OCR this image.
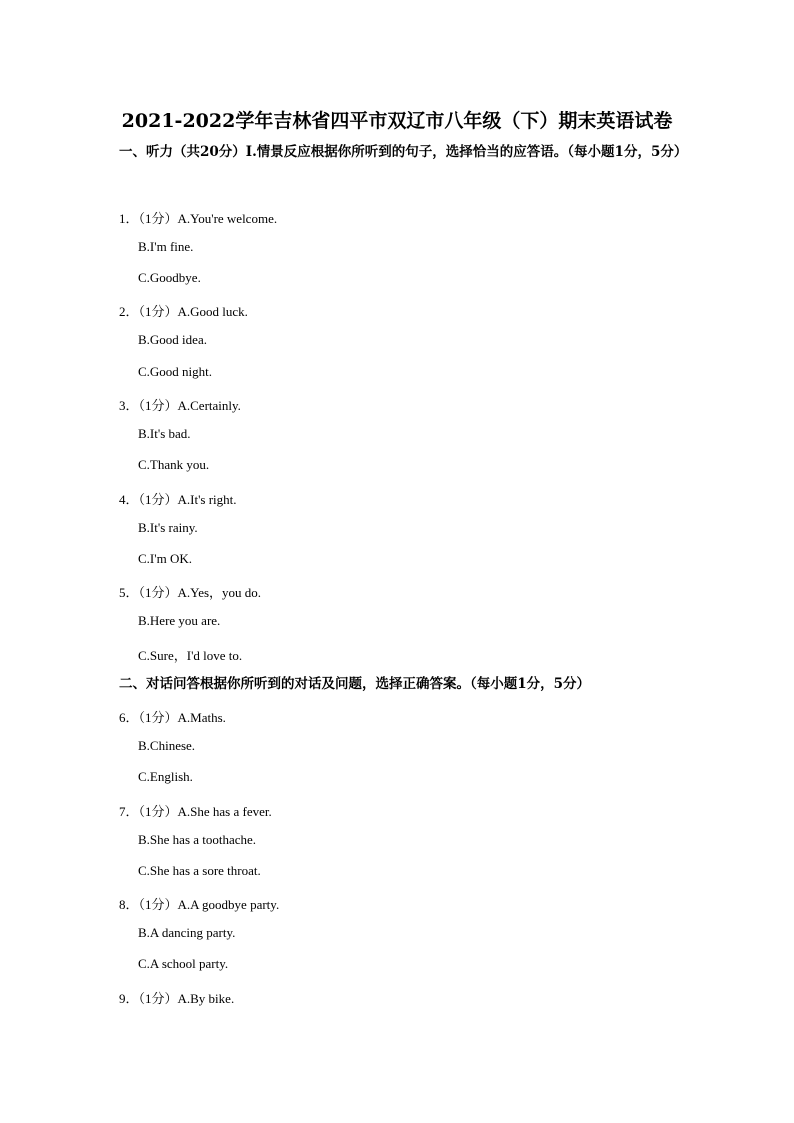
2021-2022学年吉林省四平市双辽市八年级（下）期末英语试卷
一、听力（共20分）Ⅰ.情景反应根据你所听到的句子，选择恰当的应答语。（每小题1分，5分）
1．（1分）A.You're welcome.
B.I'm fine.
C.Goodbye.
2．（1分）A.Good luck.
B.Good idea.
C.Good night.
3．（1分）A.Certainly.
B.It's bad.
C.Thank you.
4．（1分）A.It's right.
B.It's rainy.
C.I'm OK.
5．（1分）A.Yes，you do.
B.Here you are.
C.Sure，I'd love to.
二、对话问答根据你所听到的对话及问题，选择正确答案。（每小题1分，5分）
6．（1分）A.Maths.
B.Chinese.
C.English.
7．（1分）A.She has a fever.
B.She has a toothache.
C.She has a sore throat.
8．（1分）A.A goodbye party.
B.A dancing party.
C.A school party.
9．（1分）A.By bike.
